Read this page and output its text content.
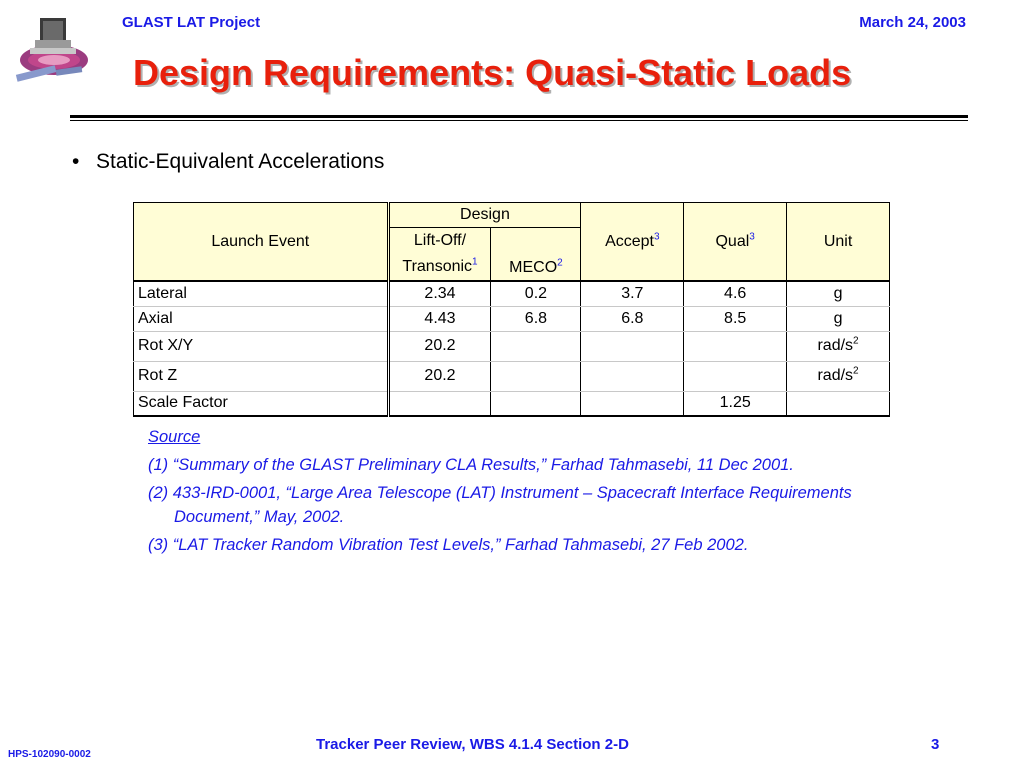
GLAST LAT Project	March 24, 2003
Design Requirements: Quasi-Static Loads
• Static-Equivalent Accelerations
Launch Event	Design		Accept$^3$	Qual$^3$	Unit
	Lift-Off/
Transonic$^1$	MECO$^2$
Lateral	2.34	0.2	3.7	4.6	g
Axial	4.43	6.8	6.8	8.5	g
Rot X/Y	20.2				rad/$s^2$
Rot Z	20.2				rad/$s^2$
Scale Factor				1.25	
Source
(1) “Summary of the GLAST Preliminary CLA Results,” Farhad Tahmasebi, 11 Dec 2001.
(2) 433-IRD-0001, “Large Area Telescope (LAT) Instrument – Spacecraft Interface Requirements Document,” May, 2002.
(3) “LAT Tracker Random Vibration Test Levels,” Farhad Tahmasebi, 27 Feb 2002.
HPS-102090-0002
Tracker Peer Review, WBS 4.1.4 Section 2-D	3
